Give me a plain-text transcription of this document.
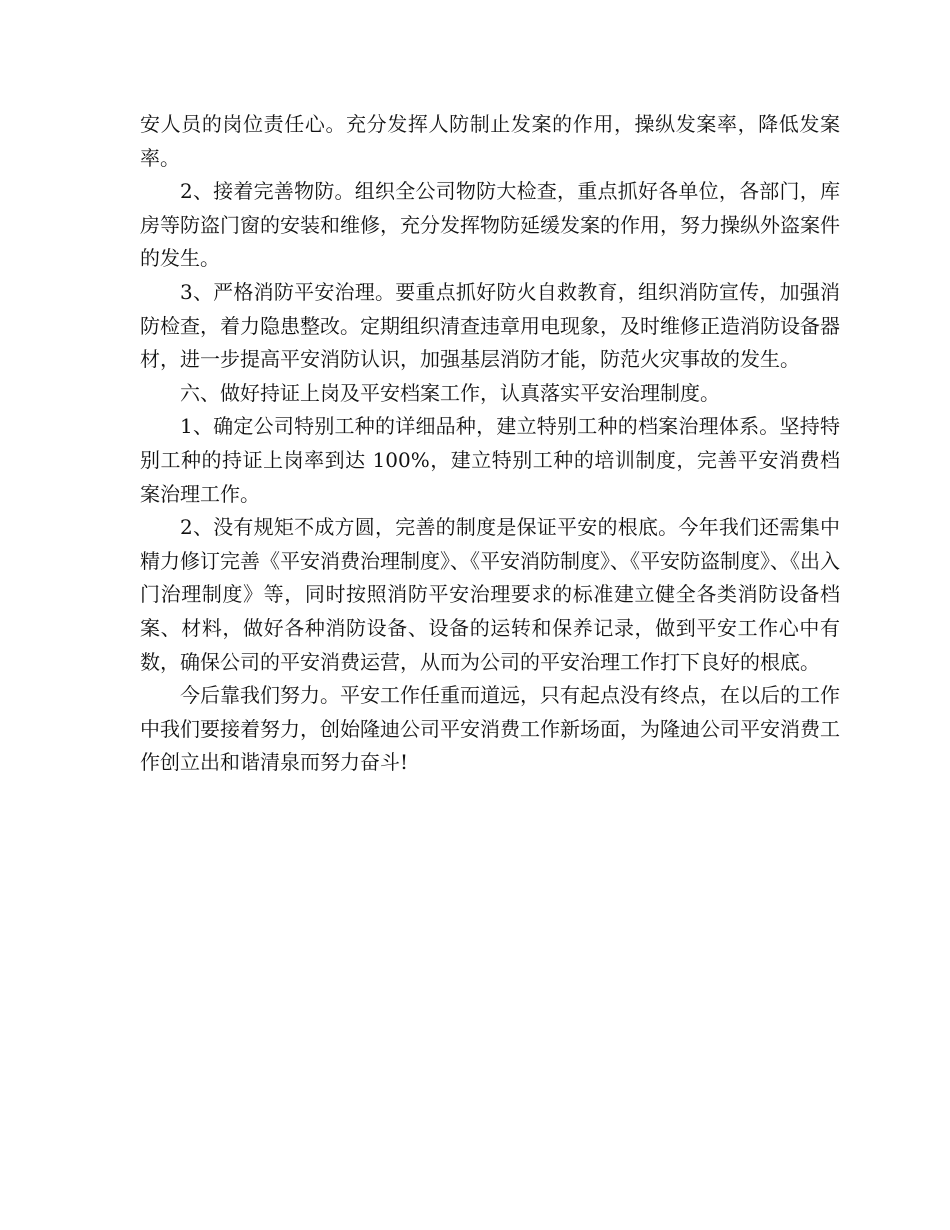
安人员的岗位责任心。充分发挥人防制止发案的作用，操纵发案率，降低发案率。

2、接着完善物防。组织全公司物防大检查，重点抓好各单位，各部门，库房等防盗门窗的安装和维修，充分发挥物防延缓发案的作用，努力操纵外盗案件的发生。

3、严格消防平安治理。要重点抓好防火自救教育，组织消防宣传，加强消防检查，着力隐患整改。定期组织清查违章用电现象，及时维修正造消防设备器材，进一步提高平安消防认识，加强基层消防才能，防范火灾事故的发生。

六、做好持证上岗及平安档案工作，认真落实平安治理制度。

1、确定公司特别工种的详细品种，建立特别工种的档案治理体系。坚持特别工种的持证上岗率到达 100%，建立特别工种的培训制度，完善平安消费档案治理工作。

2、没有规矩不成方圆，完善的制度是保证平安的根底。今年我们还需集中精力修订完善《平安消费治理制度》、《平安消防制度》、《平安防盗制度》、《出入门治理制度》等，同时按照消防平安治理要求的标准建立健全各类消防设备档案、材料，做好各种消防设备、设备的运转和保养记录，做到平安工作心中有数，确保公司的平安消费运营，从而为公司的平安治理工作打下良好的根底。

今后靠我们努力。平安工作任重而道远，只有起点没有终点，在以后的工作中我们要接着努力，创始隆迪公司平安消费工作新场面，为隆迪公司平安消费工作创立出和谐清泉而努力奋斗!
